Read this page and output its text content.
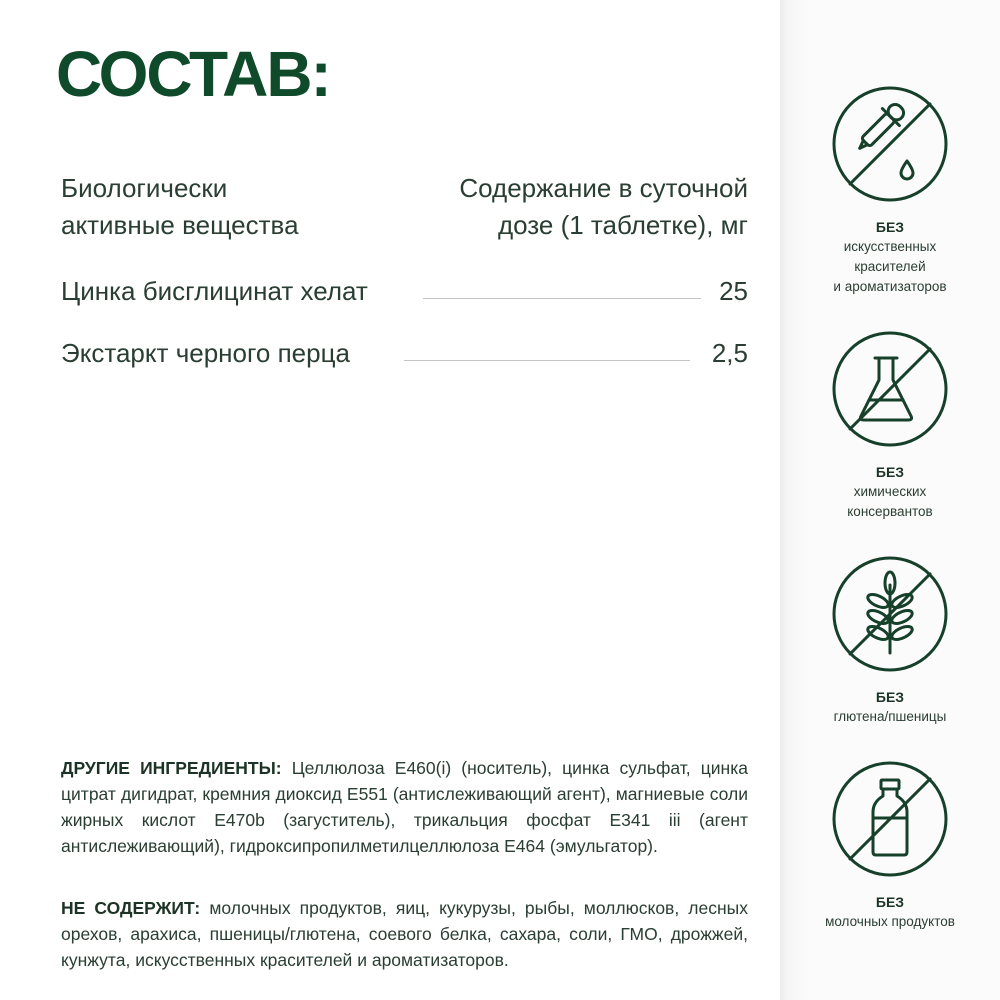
СОСТАВ:
Биологически
активные вещества
Содержание в суточной
дозе (1 таблетке), мг
Цинка бисглицинат хелат	25
Экстаркт черного перца	2,5

ДРУГИЕ ИНГРЕДИЕНТЫ: Целлюлоза Е460(i) (носитель), цинка сульфат, цинка цитрат дигидрат, кремния диоксид Е551 (антислеживающий агент), магниевые соли жирных кислот Е470b (загуститель), трикальция фосфат Е341 iii (агент антислеживающий), гидроксипропилметилцеллюлоза Е464 (эмульгатор).

НЕ СОДЕРЖИТ: молочных продуктов, яиц, кукурузы, рыбы, моллюсков, лесных орехов, арахиса, пшеницы/глютена, соевого белка, сахара, соли, ГМО, дрожжей, кунжута, искусственных красителей и ароматизаторов.

БЕЗ
искусственных
красителей
и ароматизаторов
БЕЗ
химических
консервантов
БЕЗ
глютена/пшеницы
БЕЗ
молочных продуктов
